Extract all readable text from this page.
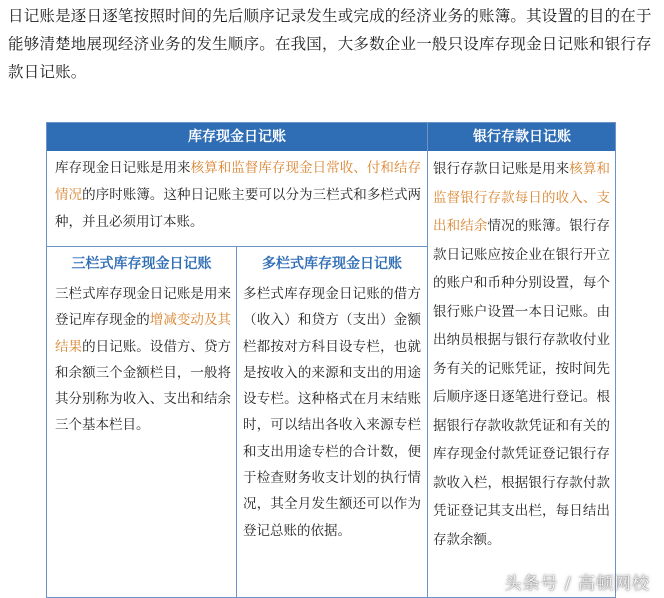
日记账是逐日逐笔按照时间的先后顺序记录发生或完成的经济业务的账簿。其设置的目的在于能够清楚地展现经济业务的发生顺序。在我国，大多数企业一般只设库存现金日记账和银行存款日记账。

库存现金日记账	银行存款日记账

库存现金日记账是用来核算和监督库存现金日常收、付和结存情况的序时账簿。这种日记账主要可以分为三栏式和多栏式两种，并且必须用订本账。

三栏式库存现金日记账	多栏式库存现金日记账

三栏式库存现金日记账是用来登记库存现金的增减变动及其结果的日记账。设借方、贷方和余额三个金额栏目，一般将其分别称为收入、支出和结余三个基本栏目。

多栏式库存现金日记账的借方（收入）和贷方（支出）金额栏都按对方科目设专栏，也就是按收入的来源和支出的用途设专栏。这种格式在月末结账时，可以结出各收入来源专栏和支出用途专栏的合计数，便于检查财务收支计划的执行情况，其全月发生额还可以作为登记总账的依据。

银行存款日记账是用来核算和监督银行存款每日的收入、支出和结余情况的账簿。银行存款日记账应按企业在银行开立的账户和币种分别设置，每个银行账户设置一本日记账。由出纳员根据与银行存款收付业务有关的记账凭证，按时间先后顺序逐日逐笔进行登记。根据银行存款收款凭证和有关的库存现金付款凭证登记银行存款收入栏，根据银行存款付款凭证登记其支出栏，每日结出存款余额。

头条号 / 高顿网校
